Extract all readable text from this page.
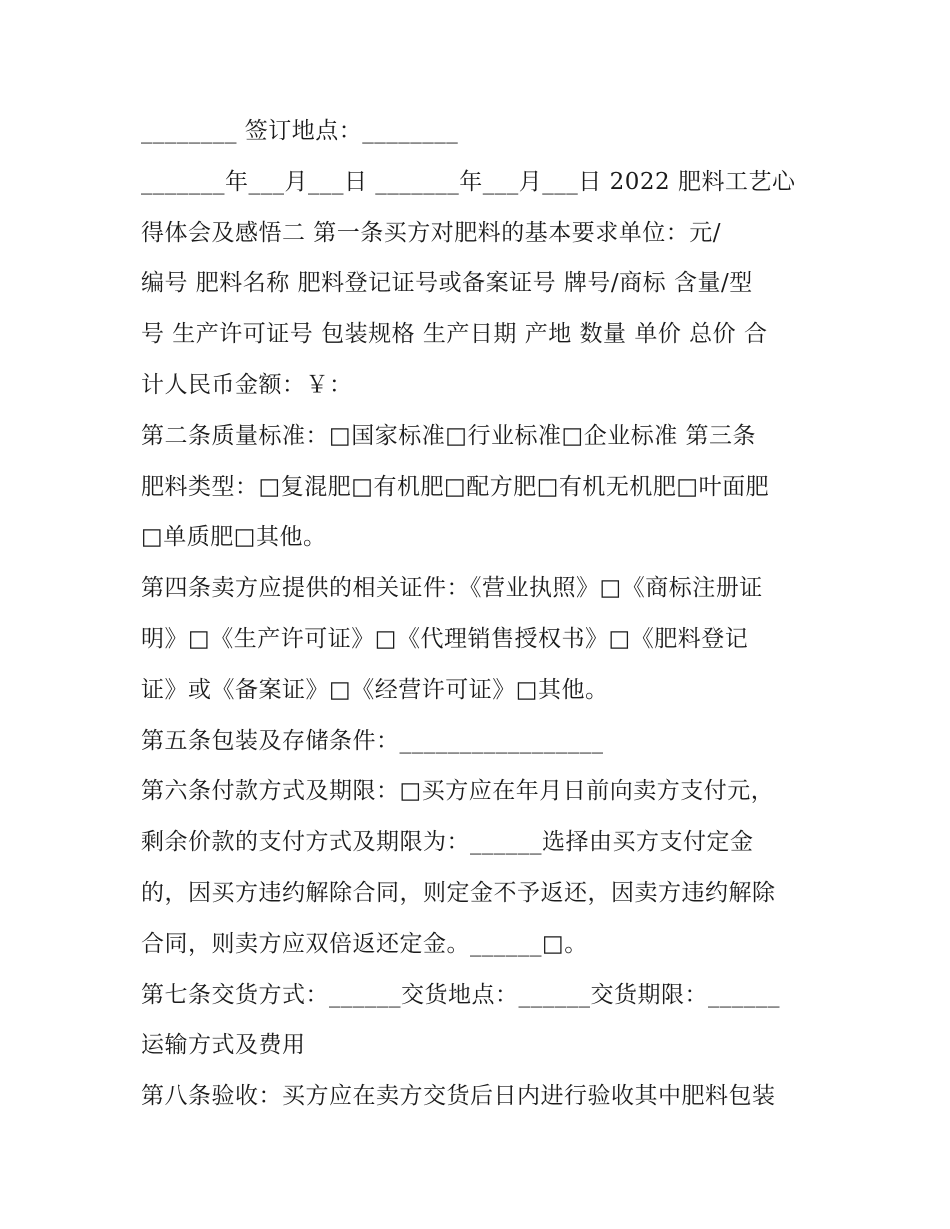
________ 签订地点：________
_______年___月___日 _______年___月___日 2022 肥料工艺心
得体会及感悟二 第一条买方对肥料的基本要求单位：元/
编号 肥料名称 肥料登记证号或备案证号 牌号/商标 含量/型
号 生产许可证号 包装规格 生产日期 产地 数量 单价 总价 合
计人民币金额：￥：
第二条质量标准：□国家标准□行业标准□企业标准 第三条
肥料类型：□复混肥□有机肥□配方肥□有机无机肥□叶面肥
□单质肥□其他。
第四条卖方应提供的相关证件：《营业执照》□《商标注册证
明》□《生产许可证》□《代理销售授权书》□《肥料登记
证》或《备案证》□《经营许可证》□其他。
第五条包装及存储条件：_________________
第六条付款方式及期限：□买方应在年月日前向卖方支付元，
剩余价款的支付方式及期限为：______选择由买方支付定金
的，因买方违约解除合同，则定金不予返还，因卖方违约解除
合同，则卖方应双倍返还定金。______□。
第七条交货方式：______交货地点：______交货期限：______
运输方式及费用
第八条验收：买方应在卖方交货后日内进行验收其中肥料包装
